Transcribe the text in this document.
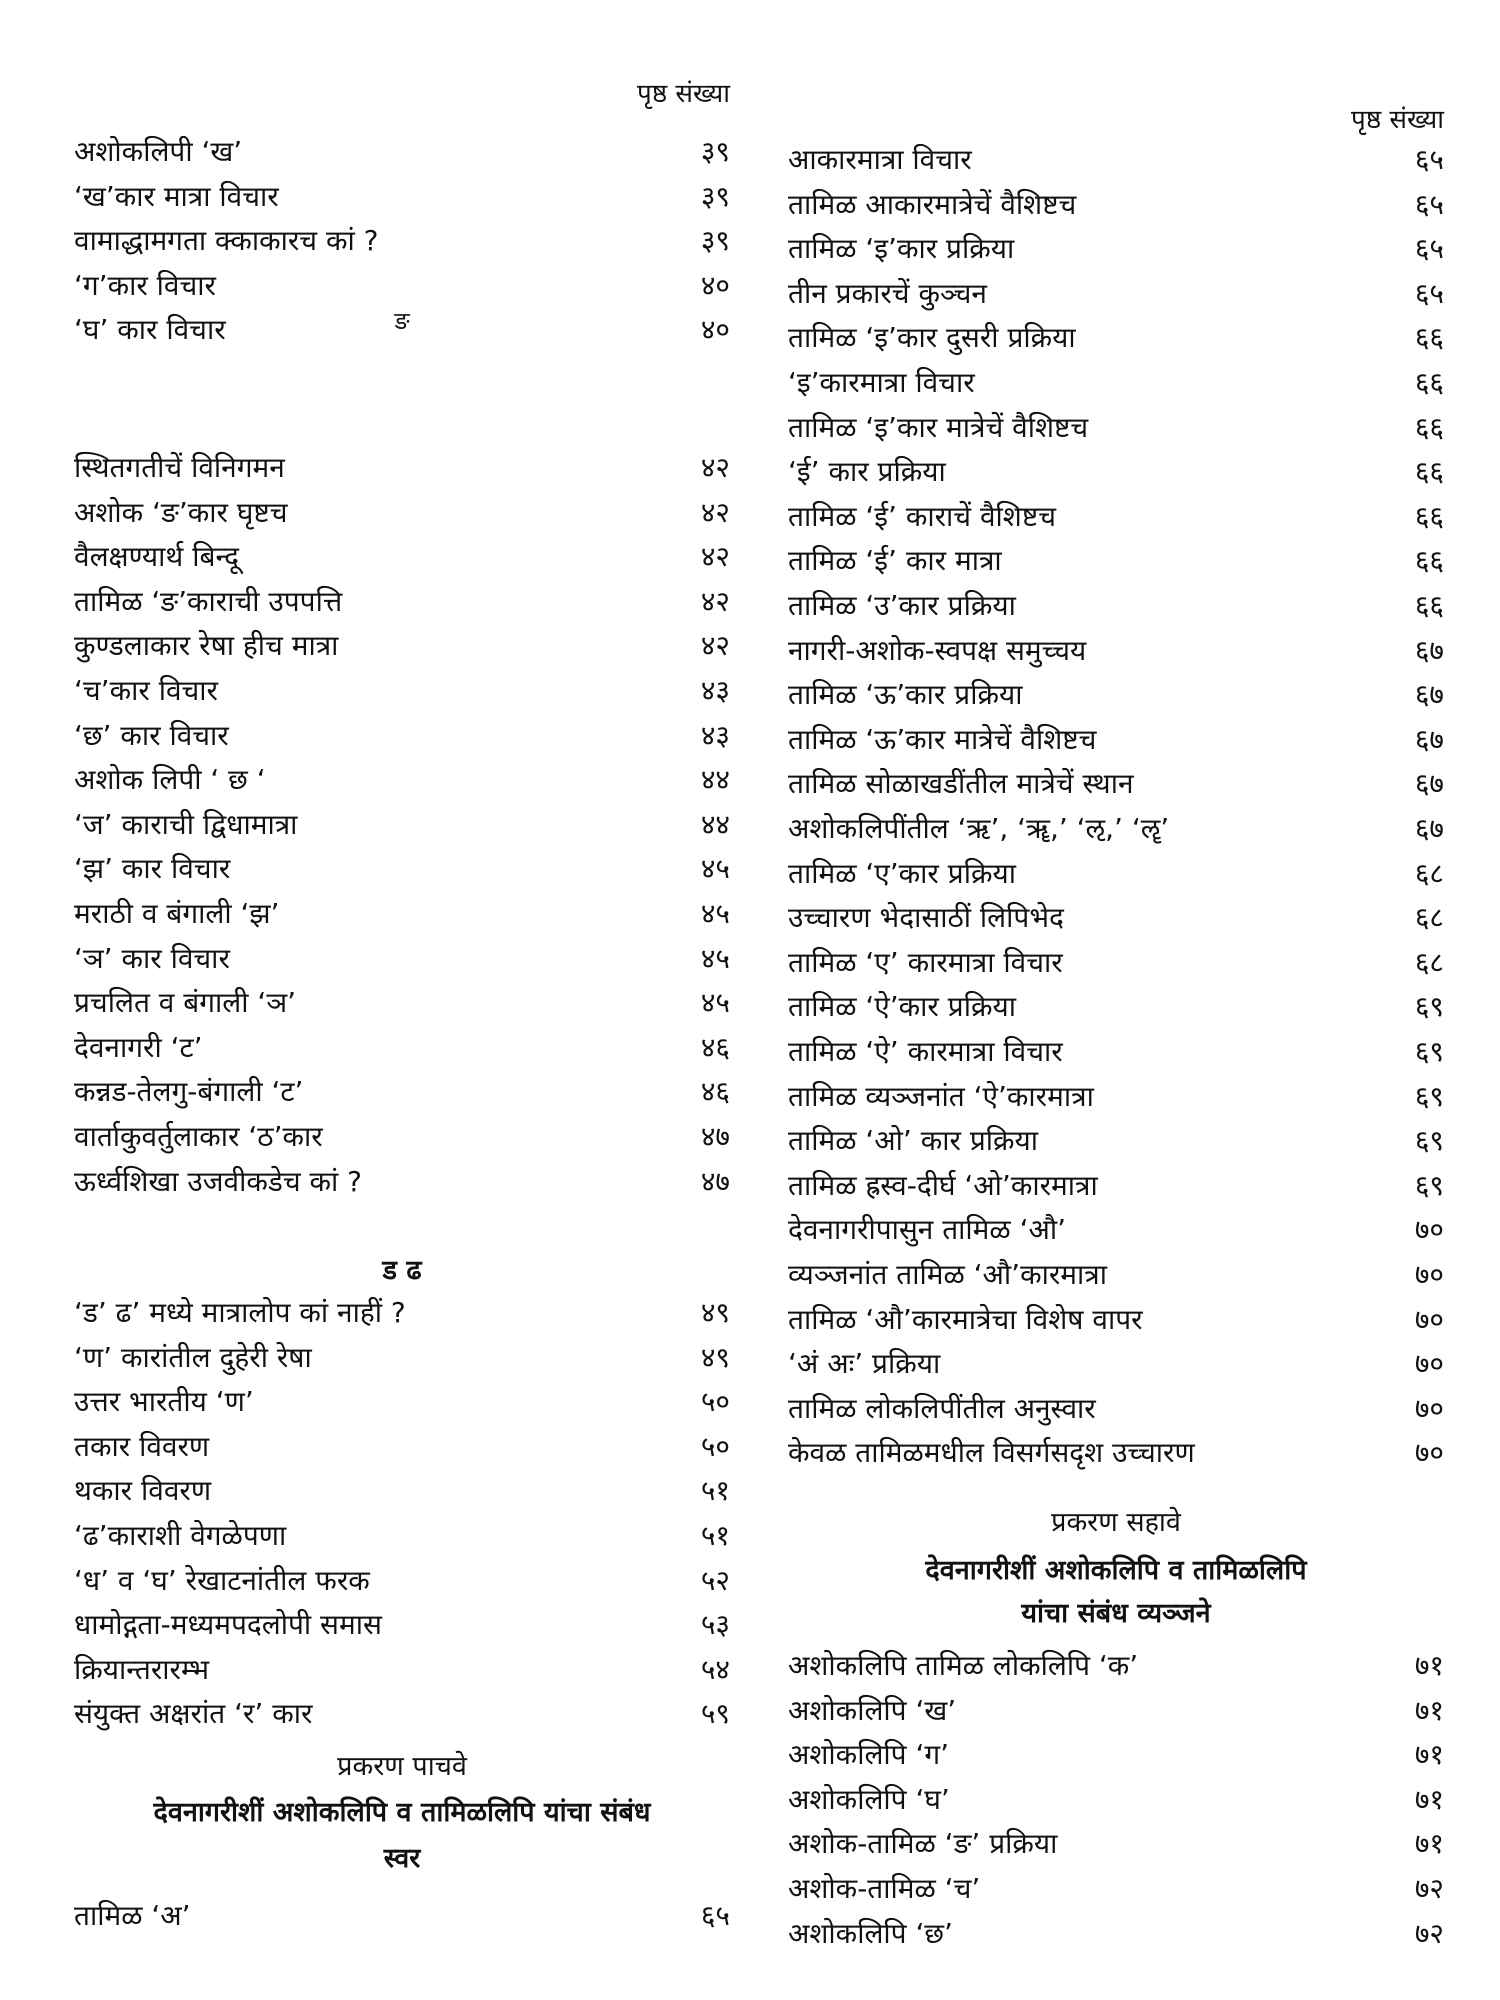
पृष्ठ संख्या
अशोकलिपी ‘ख’	३९
‘ख’कार मात्रा विचार	३९
वामाद्धामगता क्काकारच कां ?	३९
‘ग’कार विचार	४०
‘घ’ कार विचार	४०
ङ
स्थितगतीचें विनिगमन	४२
अशोक ‘ङ’कार घृष्टच	४२
वैलक्षण्यार्थ बिन्दू	४२
तामिळ ‘ङ’काराची उपपत्ति	४२
कुण्डलाकार रेषा हीच मात्रा	४२
‘च’कार विचार	४३
‘छ’ कार विचार	४३
अशोक लिपी ‘ छ ‘	४४
‘ज’ काराची द्विधामात्रा	४४
‘झ’ कार विचार	४५
मराठी व बंगाली ‘झ’	४५
‘ञ’ कार विचार	४५
प्रचलित व बंगाली ‘ञ’	४५
देवनागरी ‘ट’	४६
कन्नड-तेलगु-बंगाली ‘ट’	४६
वार्ताकुवर्तुलाकार ‘ठ’कार	४७
ऊर्ध्वशिखा उजवीकडेच कां ?	४७
ड ढ
‘ड’ ढ’ मध्ये मात्रालोप कां नाहीं ?	४९
‘ण’ कारांतील दुहेरी रेषा	४९
उत्तर भारतीय ‘ण’	५०
तकार विवरण	५०
थकार विवरण	५१
‘ढ’काराशी वेगळेपणा	५१
‘ध’ व ‘घ’ रेखाटनांतील फरक	५२
धामोद्गता-मध्यमपदलोपी समास	५३
क्रियान्तरारम्भ	५४
संयुक्त अक्षरांत ‘र’ कार	५९
प्रकरण पाचवे
देवनागरीशीं अशोकलिपि व तामिळलिपि यांचा संबंध
स्वर
तामिळ ‘अ’	६५
पृष्ठ संख्या
आकारमात्रा विचार	६५
तामिळ आकारमात्रेचें वैशिष्टच	६५
तामिळ ‘इ’कार प्रक्रिया	६५
तीन प्रकारचें कुञ्चन	६५
तामिळ ‘इ’कार दुसरी प्रक्रिया	६६
‘इ’कारमात्रा विचार	६६
तामिळ ‘इ’कार मात्रेचें वैशिष्टच	६६
‘ई’ कार प्रक्रिया	६६
तामिळ ‘ई’ काराचें वैशिष्टच	६६
तामिळ ‘ई’ कार मात्रा	६६
तामिळ ‘उ’कार प्रक्रिया	६६
नागरी-अशोक-स्वपक्ष समुच्चय	६७
तामिळ ‘ऊ’कार प्रक्रिया	६७
तामिळ ‘ऊ’कार मात्रेचें वैशिष्टच	६७
तामिळ सोळाखडींतील मात्रेचें स्थान	६७
अशोकलिपींतील ‘ऋ’, ‘ॠ,’ ‘ऌ,’ ‘ॡ’	६७
तामिळ ‘ए’कार प्रक्रिया	६८
उच्चारण भेदासाठीं लिपिभेद	६८
तामिळ ‘ए’ कारमात्रा विचार	६८
तामिळ ‘ऐ’कार प्रक्रिया	६९
तामिळ ‘ऐ’ कारमात्रा विचार	६९
तामिळ व्यञ्जनांत ‘ऐ’कारमात्रा	६९
तामिळ ‘ओ’ कार प्रक्रिया	६९
तामिळ ह्रस्व-दीर्घ ‘ओ’कारमात्रा	६९
देवनागरीपासुन तामिळ ‘औ’	७०
व्यञ्जनांत तामिळ ‘औ’कारमात्रा	७०
तामिळ ‘औ’कारमात्रेचा विशेष वापर	७०
‘अं अः’ प्रक्रिया	७०
तामिळ लोकलिपींतील अनुस्वार	७०
केवळ तामिळमधील विसर्गसदृश उच्चारण	७०
प्रकरण सहावे
देवनागरीशीं अशोकलिपि व तामिळलिपि
यांचा संबंध व्यञ्जने
अशोकलिपि तामिळ लोकलिपि ‘क’	७१
अशोकलिपि ‘ख’	७१
अशोकलिपि ‘ग’	७१
अशोकलिपि ‘घ’	७१
अशोक-तामिळ ‘ङ’ प्रक्रिया	७१
अशोक-तामिळ ‘च’	७२
अशोकलिपि ‘छ’	७२
